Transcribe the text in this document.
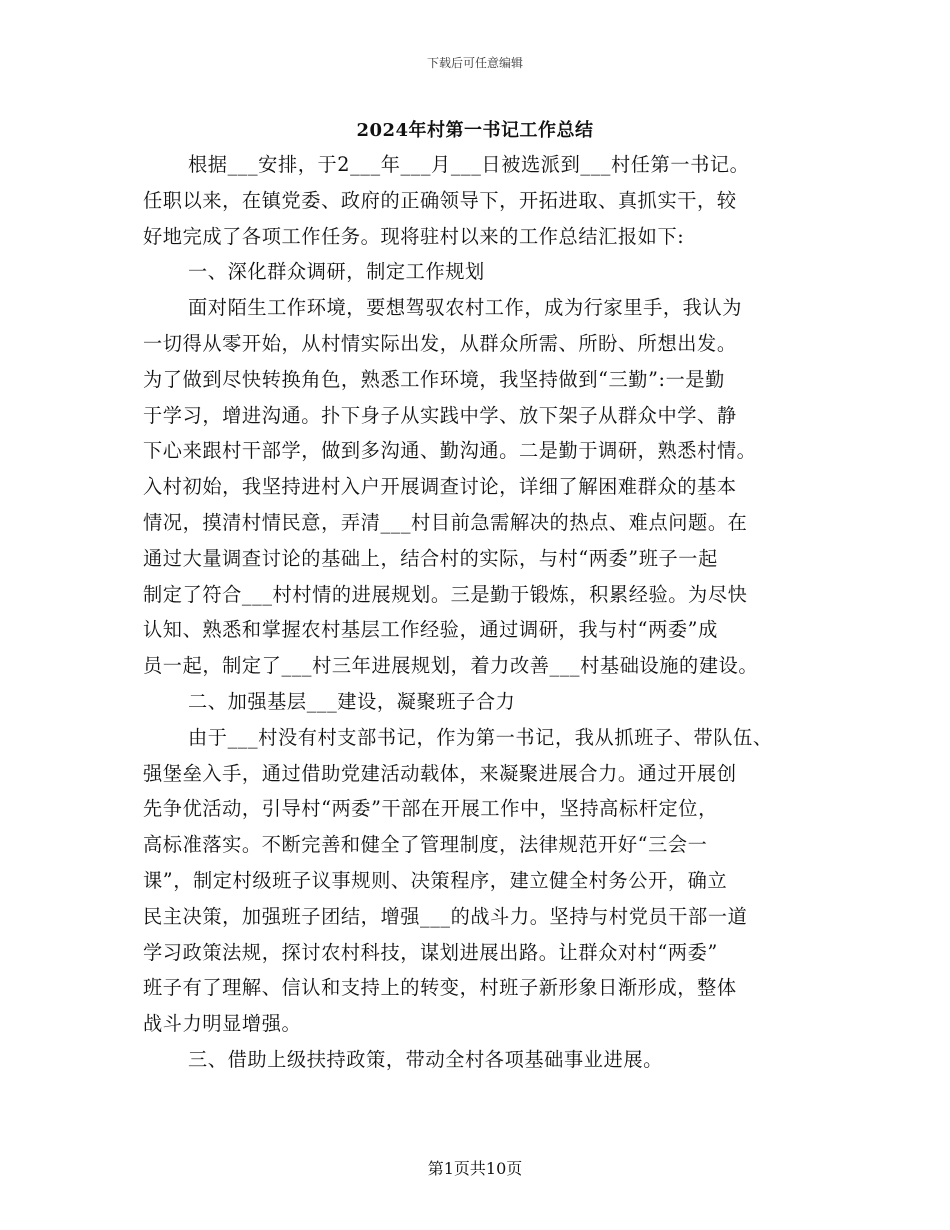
下载后可任意编辑
2024年村第一书记工作总结
根据___安排，于2___年___月___日被选派到___村任第一书记。
任职以来，在镇党委、政府的正确领导下，开拓进取、真抓实干，较
好地完成了各项工作任务。现将驻村以来的工作总结汇报如下:
一、深化群众调研，制定工作规划
面对陌生工作环境，要想驾驭农村工作，成为行家里手，我认为
一切得从零开始，从村情实际出发，从群众所需、所盼、所想出发。
为了做到尽快转换角色，熟悉工作环境，我坚持做到“三勤”:一是勤
于学习，增进沟通。扑下身子从实践中学、放下架子从群众中学、静
下心来跟村干部学，做到多沟通、勤沟通。二是勤于调研，熟悉村情。
入村初始，我坚持进村入户开展调查讨论，详细了解困难群众的基本
情况，摸清村情民意，弄清___村目前急需解决的热点、难点问题。在
通过大量调查讨论的基础上，结合村的实际，与村“两委”班子一起
制定了符合___村村情的进展规划。三是勤于锻炼，积累经验。为尽快
认知、熟悉和掌握农村基层工作经验，通过调研，我与村“两委”成
员一起，制定了___村三年进展规划，着力改善___村基础设施的建设。
二、加强基层___建设，凝聚班子合力
由于___村没有村支部书记，作为第一书记，我从抓班子、带队伍、
强堡垒入手，通过借助党建活动载体，来凝聚进展合力。通过开展创
先争优活动，引导村“两委”干部在开展工作中，坚持高标杆定位，
高标准落实。不断完善和健全了管理制度，法律规范开好“三会一
课”，制定村级班子议事规则、决策程序，建立健全村务公开，确立
民主决策，加强班子团结，增强___的战斗力。坚持与村党员干部一道
学习政策法规，探讨农村科技，谋划进展出路。让群众对村“两委”
班子有了理解、信认和支持上的转变，村班子新形象日渐形成，整体
战斗力明显增强。
三、借助上级扶持政策，带动全村各项基础事业进展。
第1页共10页
